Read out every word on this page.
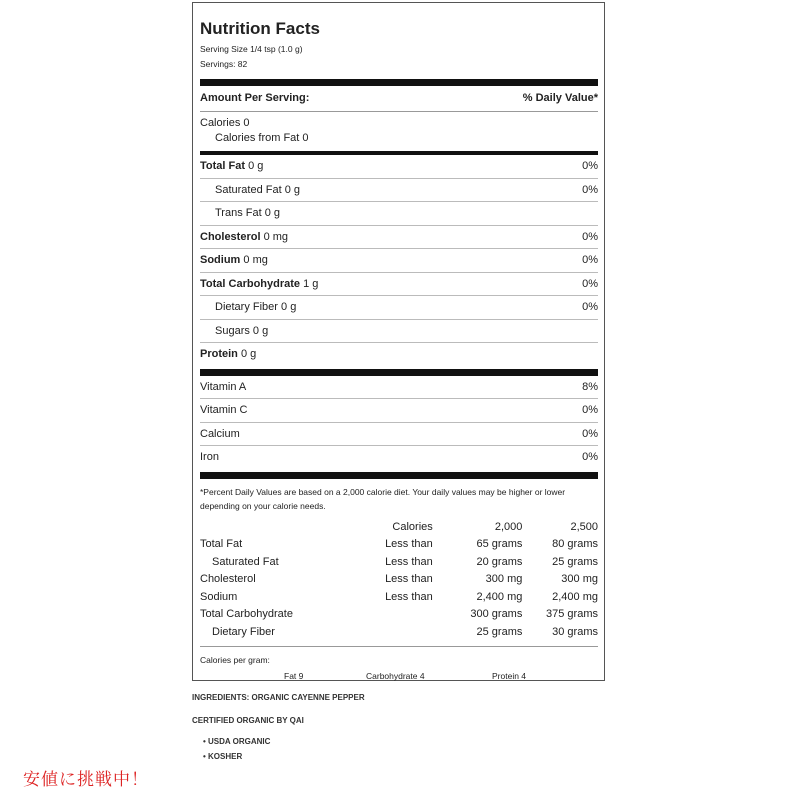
Nutrition Facts
Serving Size 1/4 tsp (1.0 g)
Servings: 82
Amount Per Serving:	% Daily Value*
Calories 0
Calories from Fat 0
Total Fat 0 g	0%
Saturated Fat 0 g	0%
Trans Fat 0 g
Cholesterol 0 mg	0%
Sodium 0 mg	0%
Total Carbohydrate 1 g	0%
Dietary Fiber 0 g	0%
Sugars 0 g
Protein 0 g
Vitamin A	8%
Vitamin C	0%
Calcium	0%
Iron	0%
*Percent Daily Values are based on a 2,000 calorie diet. Your daily values may be higher or lower depending on your calorie needs.
	Calories	2,000	2,500
Total Fat	Less than	65 grams	80 grams
Saturated Fat	Less than	20 grams	25 grams
Cholesterol	Less than	300 mg	300 mg
Sodium	Less than	2,400 mg	2,400 mg
Total Carbohydrate		300 grams	375 grams
Dietary Fiber		25 grams	30 grams
Calories per gram:
Fat 9	Carbohydrate 4	Protein 4
INGREDIENTS: ORGANIC CAYENNE PEPPER
CERTIFIED ORGANIC BY QAI
• USDA ORGANIC
• KOSHER
安値に挑戦中！
